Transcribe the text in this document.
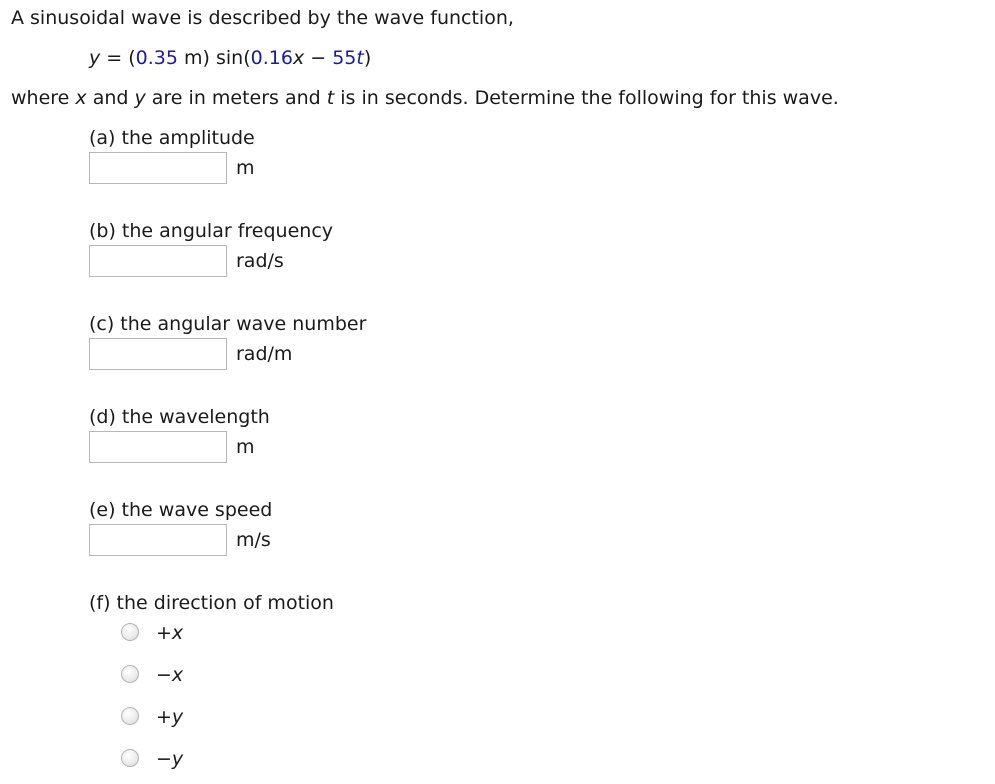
A sinusoidal wave is described by the wave function,
y = (0.35 m) sin(0.16x − 55t)
where x and y are in meters and t is in seconds. Determine the following for this wave.
(a) the amplitude
m
(b) the angular frequency
rad/s
(c) the angular wave number
rad/m
(d) the wavelength
m
(e) the wave speed
m/s
(f) the direction of motion
+x
−x
+y
−y
